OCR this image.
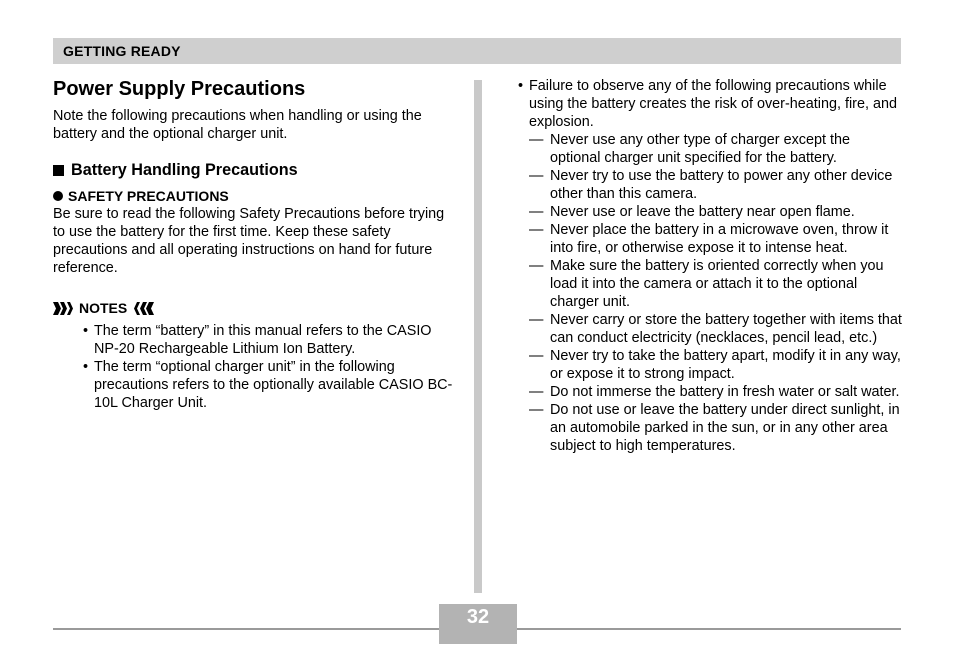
GETTING READY
Power Supply Precautions

Note the following precautions when handling or using the battery and the optional charger unit.

Battery Handling Precautions
SAFETY PRECAUTIONS

Be sure to read the following Safety Precautions before trying to use the battery for the first time. Keep these safety precautions and all operating instructions on hand for future reference.

NOTES
• The term “battery” in this manual refers to the CASIO NP-20 Rechargeable Lithium Ion Battery.
• The term “optional charger unit” in the following precautions refers to the optionally available CASIO BC-10L Charger Unit.
• Failure to observe any of the following precautions while using the battery creates the risk of over-heating, fire, and explosion.
— Never use any other type of charger except the optional charger unit specified for the battery.
— Never try to use the battery to power any other device other than this camera.
— Never use or leave the battery near open flame.
— Never place the battery in a microwave oven, throw it into fire, or otherwise expose it to intense heat.
— Make sure the battery is oriented correctly when you load it into the camera or attach it to the optional charger unit.
— Never carry or store the battery together with items that can conduct electricity (necklaces, pencil lead, etc.)
— Never try to take the battery apart, modify it in any way, or expose it to strong impact.
— Do not immerse the battery in fresh water or salt water.
— Do not use or leave the battery under direct sunlight, in an automobile parked in the sun, or in any other area subject to high temperatures.
32
